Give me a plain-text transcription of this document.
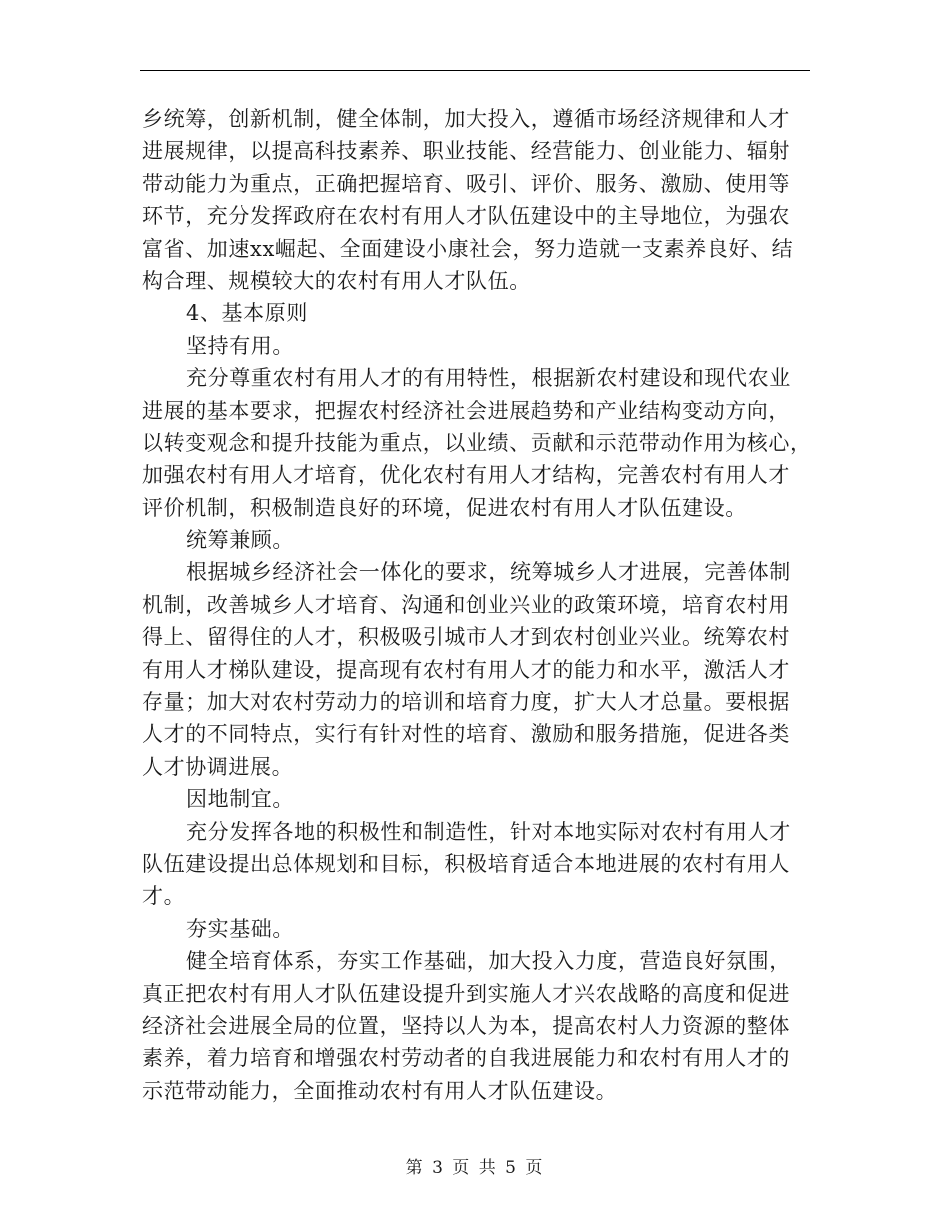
乡统筹，创新机制，健全体制，加大投入，遵循市场经济规律和人才
进展规律，以提高科技素养、职业技能、经营能力、创业能力、辐射
带动能力为重点，正确把握培育、吸引、评价、服务、激励、使用等
环节，充分发挥政府在农村有用人才队伍建设中的主导地位，为强农
富省、加速xx崛起、全面建设小康社会，努力造就一支素养良好、结
构合理、规模较大的农村有用人才队伍。
4、基本原则
坚持有用。
充分尊重农村有用人才的有用特性，根据新农村建设和现代农业
进展的基本要求，把握农村经济社会进展趋势和产业结构变动方向，
以转变观念和提升技能为重点，以业绩、贡献和示范带动作用为核心，
加强农村有用人才培育，优化农村有用人才结构，完善农村有用人才
评价机制，积极制造良好的环境，促进农村有用人才队伍建设。
统筹兼顾。
根据城乡经济社会一体化的要求，统筹城乡人才进展，完善体制
机制，改善城乡人才培育、沟通和创业兴业的政策环境，培育农村用
得上、留得住的人才，积极吸引城市人才到农村创业兴业。统筹农村
有用人才梯队建设，提高现有农村有用人才的能力和水平，激活人才
存量；加大对农村劳动力的培训和培育力度，扩大人才总量。要根据
人才的不同特点，实行有针对性的培育、激励和服务措施，促进各类
人才协调进展。
因地制宜。
充分发挥各地的积极性和制造性，针对本地实际对农村有用人才
队伍建设提出总体规划和目标，积极培育适合本地进展的农村有用人
才。
夯实基础。
健全培育体系，夯实工作基础，加大投入力度，营造良好氛围，
真正把农村有用人才队伍建设提升到实施人才兴农战略的高度和促进
经济社会进展全局的位置，坚持以人为本，提高农村人力资源的整体
素养，着力培育和增强农村劳动者的自我进展能力和农村有用人才的
示范带动能力，全面推动农村有用人才队伍建设。
第 3 页 共 5 页
